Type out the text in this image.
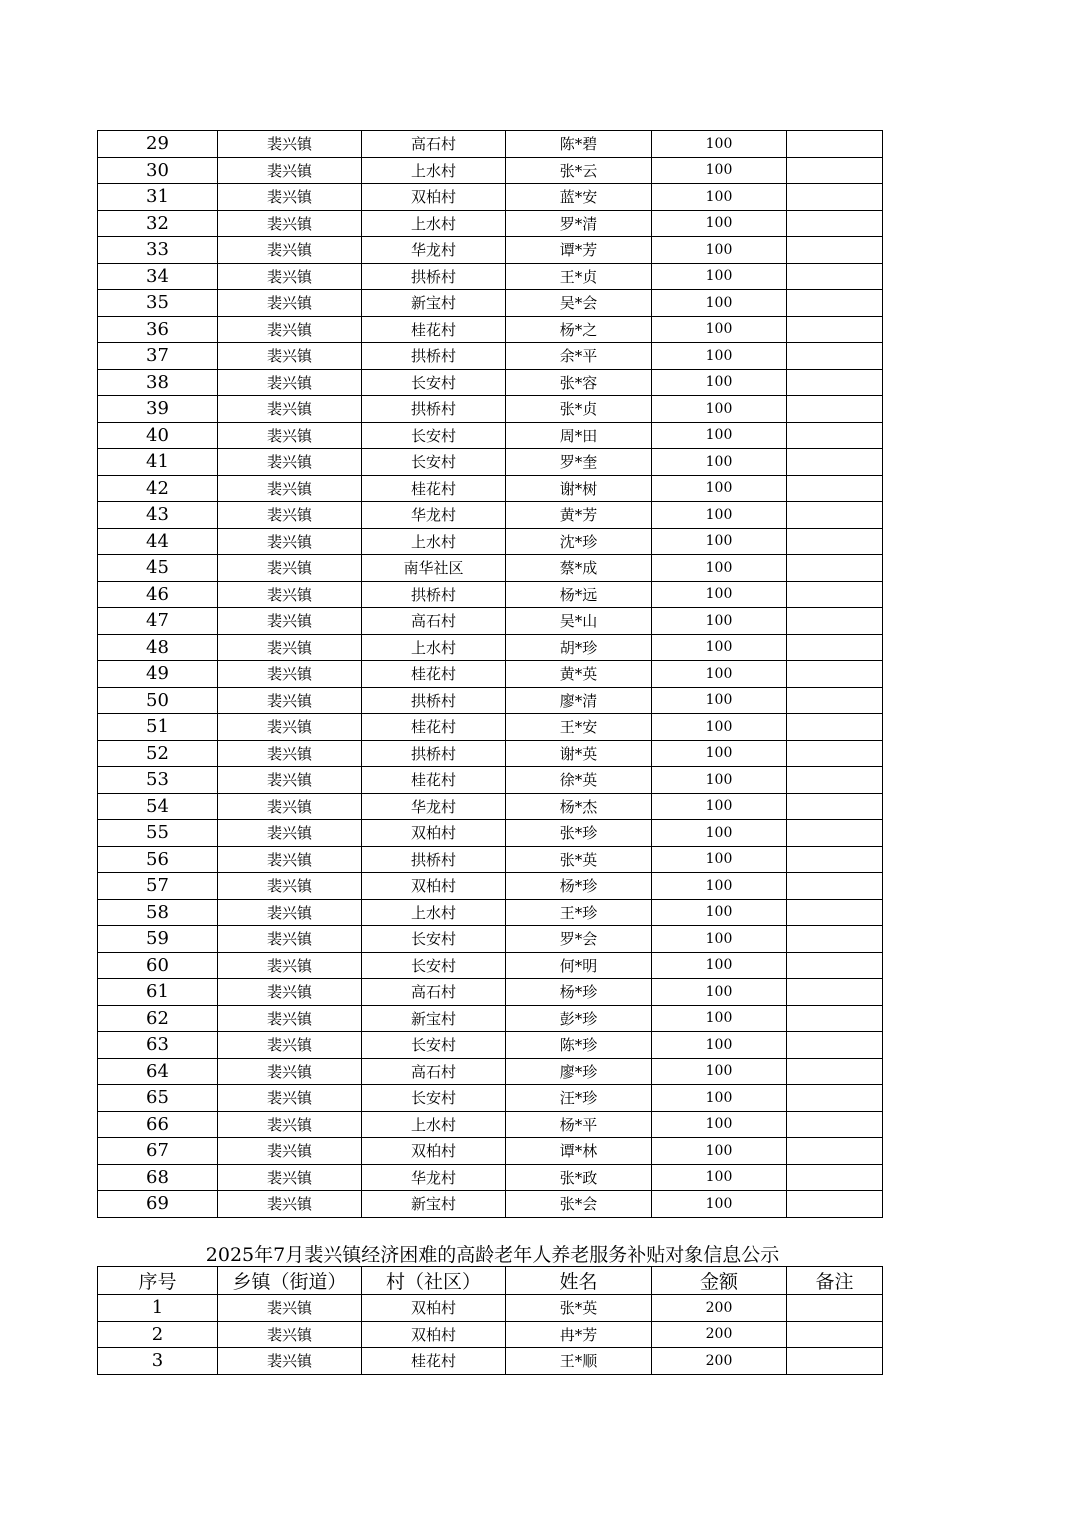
29	裴兴镇	高石村	陈*碧	100	
30	裴兴镇	上水村	张*云	100	
31	裴兴镇	双柏村	蓝*安	100	
32	裴兴镇	上水村	罗*清	100	
33	裴兴镇	华龙村	谭*芳	100	
34	裴兴镇	拱桥村	王*贞	100	
35	裴兴镇	新宝村	吴*会	100	
36	裴兴镇	桂花村	杨*之	100	
37	裴兴镇	拱桥村	余*平	100	
38	裴兴镇	长安村	张*容	100	
39	裴兴镇	拱桥村	张*贞	100	
40	裴兴镇	长安村	周*田	100	
41	裴兴镇	长安村	罗*奎	100	
42	裴兴镇	桂花村	谢*树	100	
43	裴兴镇	华龙村	黄*芳	100	
44	裴兴镇	上水村	沈*珍	100	
45	裴兴镇	南华社区	蔡*成	100	
46	裴兴镇	拱桥村	杨*远	100	
47	裴兴镇	高石村	吴*山	100	
48	裴兴镇	上水村	胡*珍	100	
49	裴兴镇	桂花村	黄*英	100	
50	裴兴镇	拱桥村	廖*清	100	
51	裴兴镇	桂花村	王*安	100	
52	裴兴镇	拱桥村	谢*英	100	
53	裴兴镇	桂花村	徐*英	100	
54	裴兴镇	华龙村	杨*杰	100	
55	裴兴镇	双柏村	张*珍	100	
56	裴兴镇	拱桥村	张*英	100	
57	裴兴镇	双柏村	杨*珍	100	
58	裴兴镇	上水村	王*珍	100	
59	裴兴镇	长安村	罗*会	100	
60	裴兴镇	长安村	何*明	100	
61	裴兴镇	高石村	杨*珍	100	
62	裴兴镇	新宝村	彭*珍	100	
63	裴兴镇	长安村	陈*珍	100	
64	裴兴镇	高石村	廖*珍	100	
65	裴兴镇	长安村	汪*珍	100	
66	裴兴镇	上水村	杨*平	100	
67	裴兴镇	双柏村	谭*林	100	
68	裴兴镇	华龙村	张*政	100	
69	裴兴镇	新宝村	张*会	100	
2025年7月裴兴镇经济困难的高龄老年人养老服务补贴对象信息公示
序号	乡镇（街道）	村（社区）	姓名	金额	备注
1	裴兴镇	双柏村	张*英	200	
2	裴兴镇	双柏村	冉*芳	200	
3	裴兴镇	桂花村	王*顺	200	
